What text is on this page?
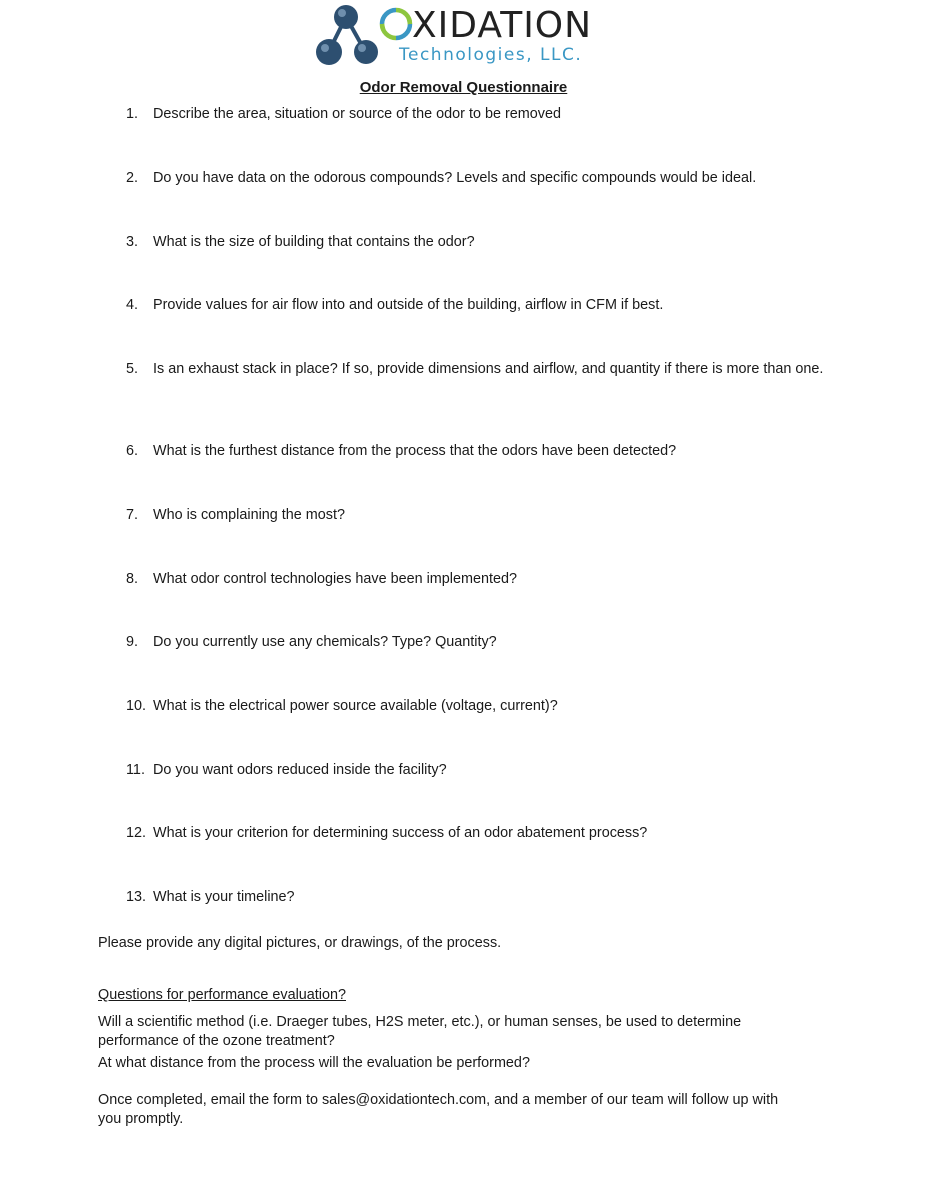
XIDATION
Technologies, LLC.
Odor Removal Questionnaire
1. Describe the area, situation or source of the odor to be removed
2. Do you have data on the odorous compounds? Levels and specific compounds would be ideal.
3. What is the size of building that contains the odor?
4. Provide values for air flow into and outside of the building, airflow in CFM if best.
5. Is an exhaust stack in place? If so, provide dimensions and airflow, and quantity if there is more than one.
6. What is the furthest distance from the process that the odors have been detected?
7. Who is complaining the most?
8. What odor control technologies have been implemented?
9. Do you currently use any chemicals? Type? Quantity?
10. What is the electrical power source available (voltage, current)?
11. Do you want odors reduced inside the facility?
12. What is your criterion for determining success of an odor abatement process?
13. What is your timeline?
Please provide any digital pictures, or drawings, of the process.
Questions for performance evaluation?
Will a scientific method (i.e. Draeger tubes, H2S meter, etc.), or human senses, be used to determine performance of the ozone treatment?
At what distance from the process will the evaluation be performed?
Once completed, email the form to sales@oxidationtech.com, and a member of our team will follow up with you promptly.
